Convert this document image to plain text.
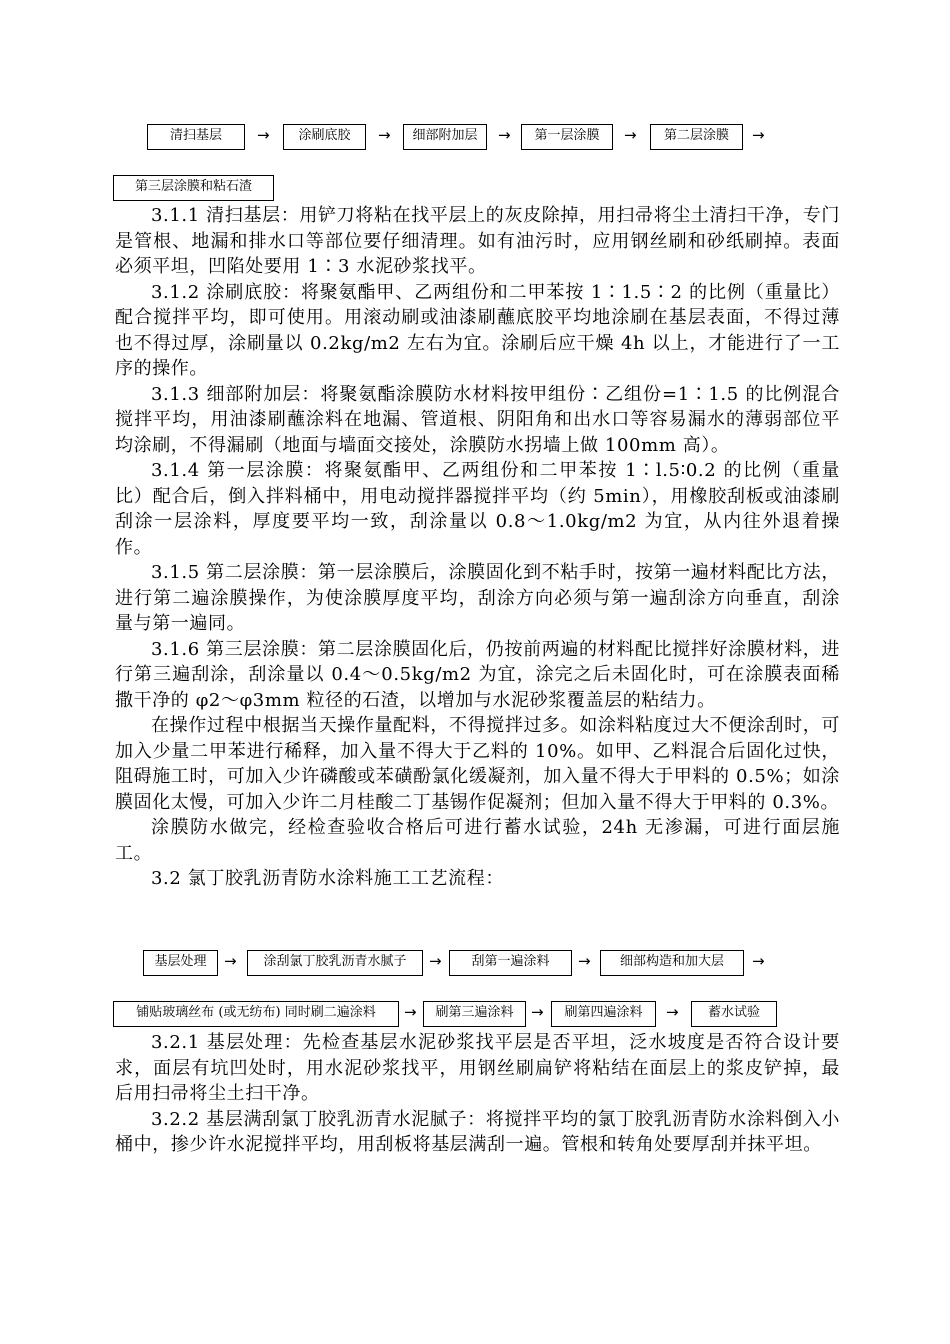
清扫基层	→	涂刷底胶	→	细部附加层	→	第一层涂膜	→	第二层涂膜	→
第三层涂膜和粘石渣

3.1.1 清扫基层：用铲刀将粘在找平层上的灰皮除掉，用扫帚将尘土清扫干净，专门是管根、地漏和排水口等部位要仔细清理。如有油污时，应用钢丝刷和砂纸刷掉。表面必须平坦，凹陷处要用 1∶3 水泥砂浆找平。

3.1.2 涂刷底胶：将聚氨酯甲、乙两组份和二甲苯按 1∶1.5∶2 的比例（重量比）配合搅拌平均，即可使用。用滚动刷或油漆刷蘸底胶平均地涂刷在基层表面，不得过薄也不得过厚，涂刷量以 0.2kg/m2 左右为宜。涂刷后应干燥 4h 以上，才能进行了一工序的操作。

3.1.3 细部附加层：将聚氨酯涂膜防水材料按甲组份∶乙组份=1∶1.5 的比例混合搅拌平均，用油漆刷蘸涂料在地漏、管道根、阴阳角和出水口等容易漏水的薄弱部位平均涂刷，不得漏刷（地面与墙面交接处，涂膜防水拐墙上做 100mm 高）。

3.1.4 第一层涂膜：将聚氨酯甲、乙两组份和二甲苯按 1∶l.5∶0.2 的比例（重量比）配合后，倒入拌料桶中，用电动搅拌器搅拌平均（约 5min），用橡胶刮板或油漆刷刮涂一层涂料，厚度要平均一致，刮涂量以 0.8～1.0kg/m2 为宜，从内往外退着操作。

3.1.5 第二层涂膜：第一层涂膜后，涂膜固化到不粘手时，按第一遍材料配比方法，进行第二遍涂膜操作，为使涂膜厚度平均，刮涂方向必须与第一遍刮涂方向垂直，刮涂量与第一遍同。

3.1.6 第三层涂膜：第二层涂膜固化后，仍按前两遍的材料配比搅拌好涂膜材料，进行第三遍刮涂，刮涂量以 0.4～0.5kg/m2 为宜，涂完之后未固化时，可在涂膜表面稀撒干净的 φ2～φ3mm 粒径的石渣，以增加与水泥砂浆覆盖层的粘结力。

在操作过程中根据当天操作量配料，不得搅拌过多。如涂料粘度过大不便涂刮时，可加入少量二甲苯进行稀释，加入量不得大于乙料的 10%。如甲、乙料混合后固化过快，阻碍施工时，可加入少许磷酸或苯磺酚氯化缓凝剂，加入量不得大于甲料的 0.5%；如涂膜固化太慢，可加入少许二月桂酸二丁基锡作促凝剂；但加入量不得大于甲料的 0.3%。

涂膜防水做完，经检查验收合格后可进行蓄水试验，24h 无渗漏，可进行面层施工。

3.2 氯丁胶乳沥青防水涂料施工工艺流程：

基层处理	→	涂刮氯丁胶乳沥青水腻子	→	刮第一遍涂料	→	细部构造和加大层	→
铺贴玻璃丝布 (或无纺布) 同时刷二遍涂料	→	刷第三遍涂料	→	刷第四遍涂料	→	蓄水试验

3.2.1 基层处理：先检查基层水泥砂浆找平层是否平坦，泛水坡度是否符合设计要求，面层有坑凹处时，用水泥砂浆找平，用钢丝刷扁铲将粘结在面层上的浆皮铲掉，最后用扫帚将尘土扫干净。

3.2.2 基层满刮氯丁胶乳沥青水泥腻子：将搅拌平均的氯丁胶乳沥青防水涂料倒入小桶中，掺少许水泥搅拌平均，用刮板将基层满刮一遍。管根和转角处要厚刮并抹平坦。
